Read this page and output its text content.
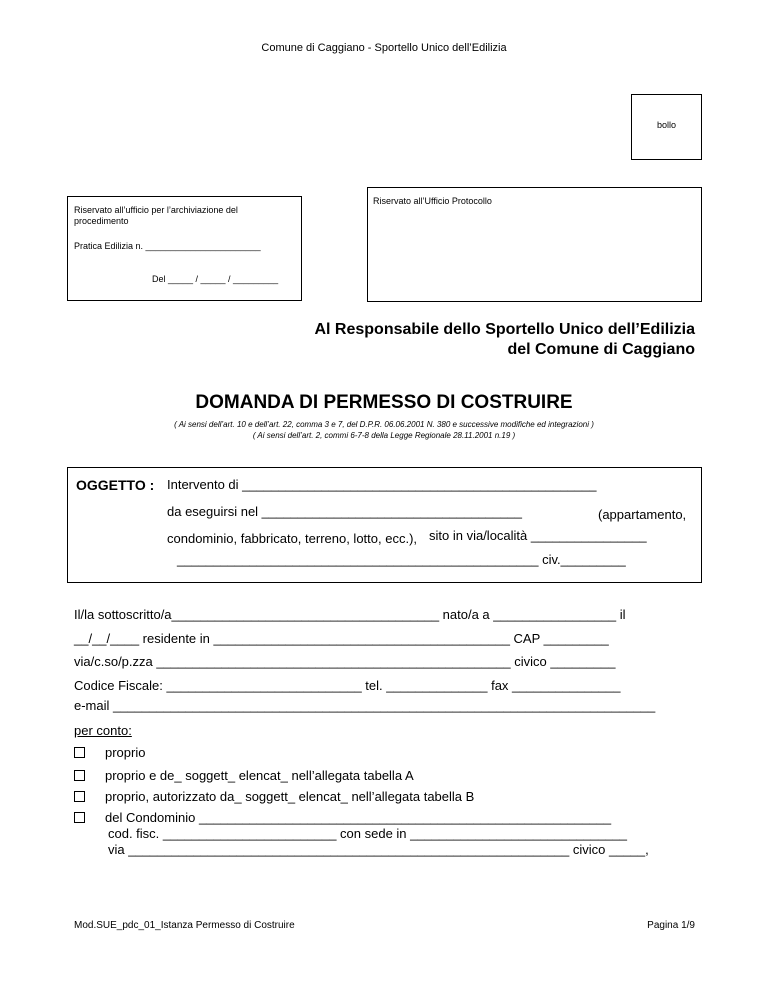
Comune di Caggiano - Sportello Unico dell’Edilizia
bollo
Riservato all’ufficio per l’archiviazione del procedimento
Pratica Edilizia n. _______________________
Del _____ / _____ / _________
Riservato all’Ufficio Protocollo
Al Responsabile dello Sportello Unico dell’Edilizia
del Comune di Caggiano
DOMANDA DI PERMESSO DI COSTRUIRE
( Ai sensi dell’art. 10 e dell’art. 22, comma 3 e 7, del D.P.R. 06.06.2001 N. 380 e successive modifiche ed integrazioni )
( Ai sensi dell’art. 2, commi 6-7-8 della Legge Regionale 28.11.2001 n.19 )
OGGETTO : Intervento di _________________________________________________
da eseguirsi nel ____________________________________	(appartamento,
condominio, fabbricato, terreno, lotto, ecc.), sito in via/località ________________
__________________________________________________ civ._________
Il/la sottoscritto/a_____________________________________ nato/a a _________________ il
__/__/____ residente in _________________________________________ CAP _________
via/c.so/p.zza _________________________________________________ civico _________
Codice Fiscale: ___________________________ tel. ______________ fax _______________
e-mail ___________________________________________________________________________
per conto:
proprio
proprio e de_ soggett_ elencat_ nell’allegata tabella A
proprio, autorizzato da_ soggett_ elencat_ nell’allegata tabella B
del Condominio _________________________________________________________
cod. fisc. ________________________ con sede in ______________________________
via _____________________________________________________________ civico _____,
Mod.SUE_pdc_01_Istanza Permesso di Costruire	Pagina 1/9
